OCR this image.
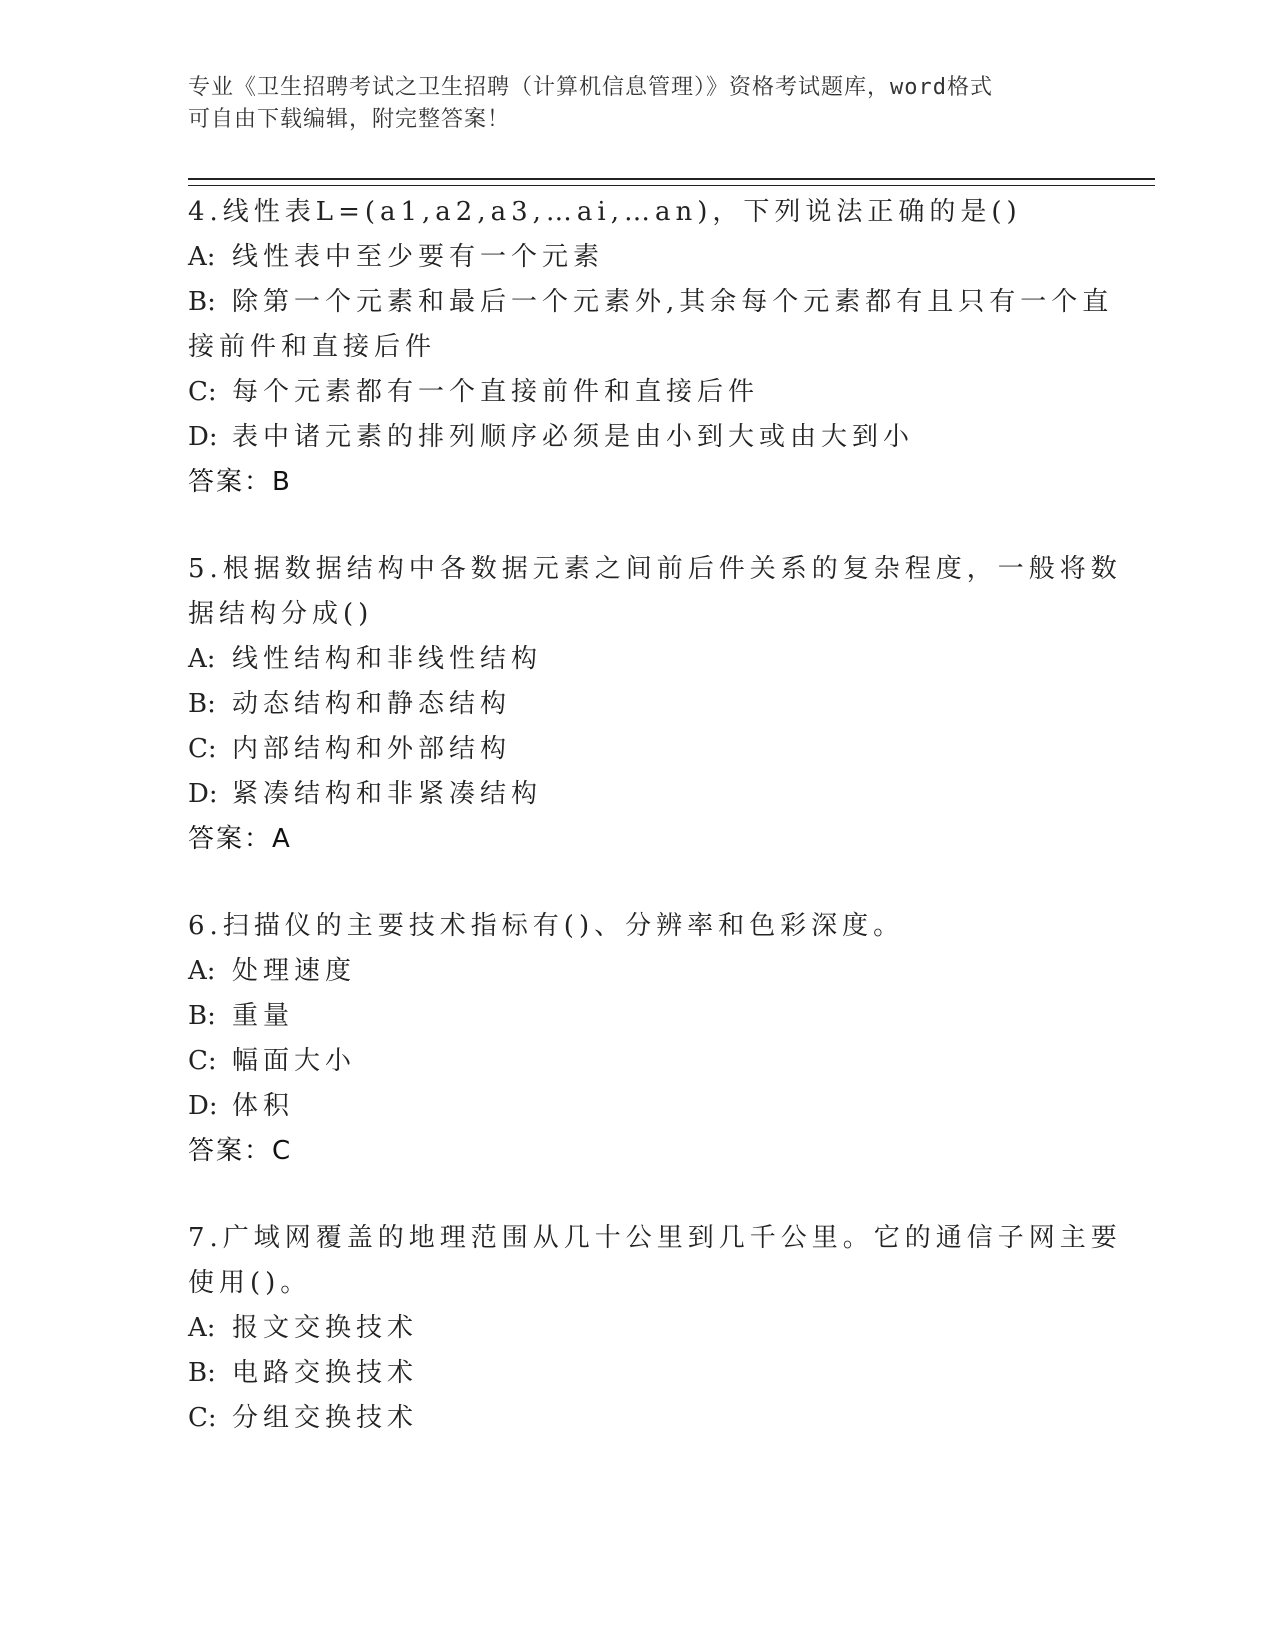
专业《卫生招聘考试之卫生招聘（计算机信息管理）》资格考试题库，word格式
可自由下载编辑，附完整答案！
4.线性表L=(a1,a2,a3,…ai,…an)，下列说法正确的是()
A: 线性表中至少要有一个元素
B: 除第一个元素和最后一个元素外,其余每个元素都有且只有一个直
接前件和直接后件
C: 每个元素都有一个直接前件和直接后件
D: 表中诸元素的排列顺序必须是由小到大或由大到小
答案：B
5.根据数据结构中各数据元素之间前后件关系的复杂程度，一般将数
据结构分成()
A: 线性结构和非线性结构
B: 动态结构和静态结构
C: 内部结构和外部结构
D: 紧凑结构和非紧凑结构
答案：A
6.扫描仪的主要技术指标有()、分辨率和色彩深度。
A: 处理速度
B: 重量
C: 幅面大小
D: 体积
答案：C
7.广域网覆盖的地理范围从几十公里到几千公里。它的通信子网主要
使用()。
A: 报文交换技术
B: 电路交换技术
C: 分组交换技术
